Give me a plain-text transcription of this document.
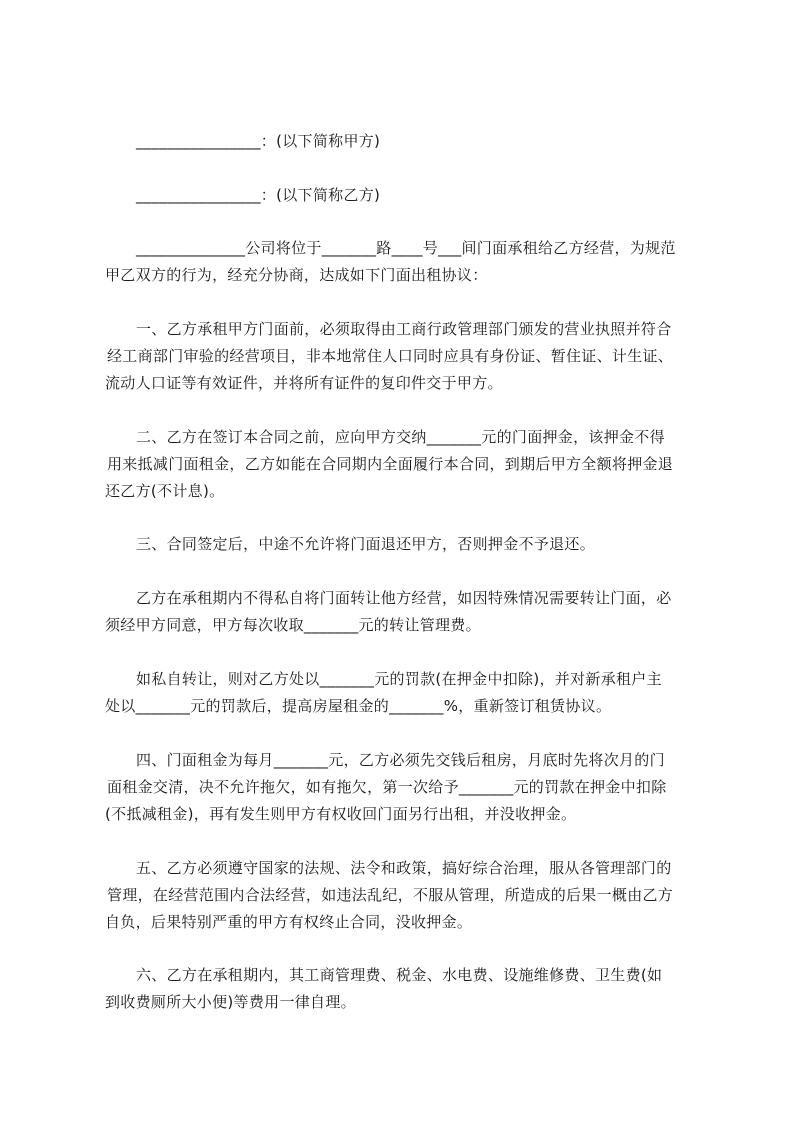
________________：(以下简称甲方)
________________：(以下简称乙方)
______________公司将位于_______路____号___间门面承租给乙方经营，为规范
甲乙双方的行为，经充分协商，达成如下门面出租协议：
一、乙方承租甲方门面前，必须取得由工商行政管理部门颁发的营业执照并符合
经工商部门审验的经营项目，非本地常住人口同时应具有身份证、暂住证、计生证、
流动人口证等有效证件，并将所有证件的复印件交于甲方。
二、乙方在签订本合同之前，应向甲方交纳_______元的门面押金，该押金不得
用来抵减门面租金，乙方如能在合同期内全面履行本合同，到期后甲方全额将押金退
还乙方(不计息)。
三、合同签定后，中途不允许将门面退还甲方，否则押金不予退还。
乙方在承租期内不得私自将门面转让他方经营，如因特殊情况需要转让门面，必
须经甲方同意，甲方每次收取_______元的转让管理费。
如私自转让，则对乙方处以_______元的罚款(在押金中扣除)，并对新承租户主
处以_______元的罚款后，提高房屋租金的_______%，重新签订租赁协议。
四、门面租金为每月_______元，乙方必须先交钱后租房，月底时先将次月的门
面租金交清，决不允许拖欠，如有拖欠，第一次给予_______元的罚款在押金中扣除
(不抵减租金)，再有发生则甲方有权收回门面另行出租，并没收押金。
五、乙方必须遵守国家的法规、法令和政策，搞好综合治理，服从各管理部门的
管理，在经营范围内合法经营，如违法乱纪，不服从管理，所造成的后果一概由乙方
自负，后果特别严重的甲方有权终止合同，没收押金。
六、乙方在承租期内，其工商管理费、税金、水电费、设施维修费、卫生费(如
到收费厕所大小便)等费用一律自理。
